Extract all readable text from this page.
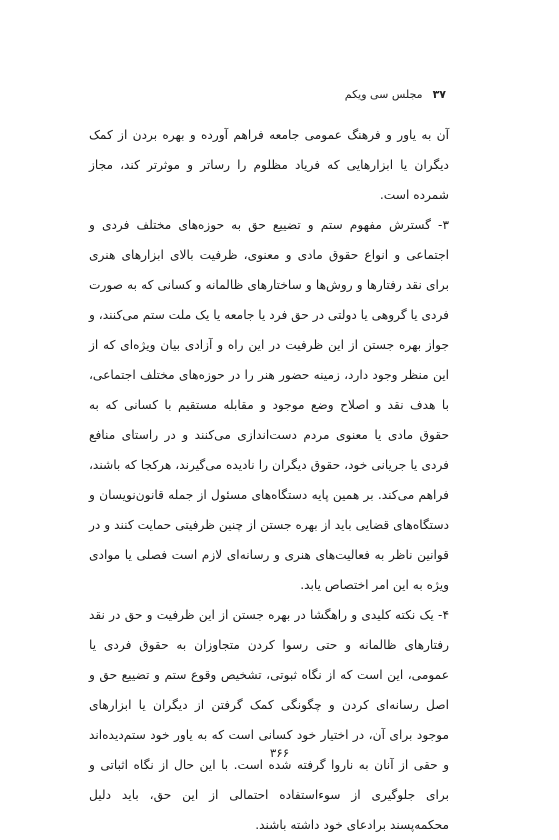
٣٧
مجلس سی ‌ویکم

آن به یاور و فرهنگ عمومی جامعه فراهم آورده و بهره بردن از کمک دیگران یا ابزارهایی که فریاد مظلوم را رساتر و موثرتر کند، مجاز شمرده است.

۳- گسترش مفهوم ستم و تضییع حق به حوزه‌های مختلف فردی و اجتماعی و انواع حقوق مادی و معنوی، ظرفیت بالای ابزارهای هنری برای نقد رفتارها و روش‌ها و ساختارهای ظالمانه و کسانی که به صورت فردی یا گروهی یا دولتی در حق فرد یا جامعه یا یک ملت ستم می‌کنند، و جواز بهره جستن از این ظرفیت در این راه و آزادی بیان ویژه‌ای که از این منظر وجود دارد، زمینه حضور هنر را در حوزه‌های مختلف اجتماعی، با هدف نقد و اصلاح وضع موجود و مقابله مستقیم با کسانی که به حقوق مادی یا معنوی مردم دست‌اندازی می‌کنند و در راستای منافع فردی یا جریانی خود، حقوق دیگران را نادیده می‌گیرند، هرکجا که باشند، فراهم می‌کند. بر همین پایه دستگاه‌های مسئول از جمله قانون‌نویسان و دستگاه‌های قضایی باید از بهره جستن از چنین ظرفیتی حمایت کنند و در قوانین ناظر به فعالیت‌های هنری و رسانه‌ای لازم است فصلی یا موادی ویژه به این امر اختصاص یابد.

۴- یک نکته کلیدی و راهگشا در بهره جستن از این ظرفیت و حق در نقد رفتارهای ظالمانه و حتی رسوا کردن متجاوزان به حقوق فردی یا عمومی، این است که از نگاه ثبوتی، تشخیص وقوع ستم و تضییع حق و اصل رسانه‌ای کردن و چگونگی کمک گرفتن از دیگران یا ابزارهای موجود برای آن، در اختیار خود کسانی است که به یاور خود ستم‌دیده‌اند و حقی از آنان به ناروا گرفته شده است. با این حال از نگاه اثباتی و برای جلوگیری از سوءاستفاده احتمالی از این حق، باید دلیل محکمه‌پسند برادعای خود داشته باشند.

۳۶۶
